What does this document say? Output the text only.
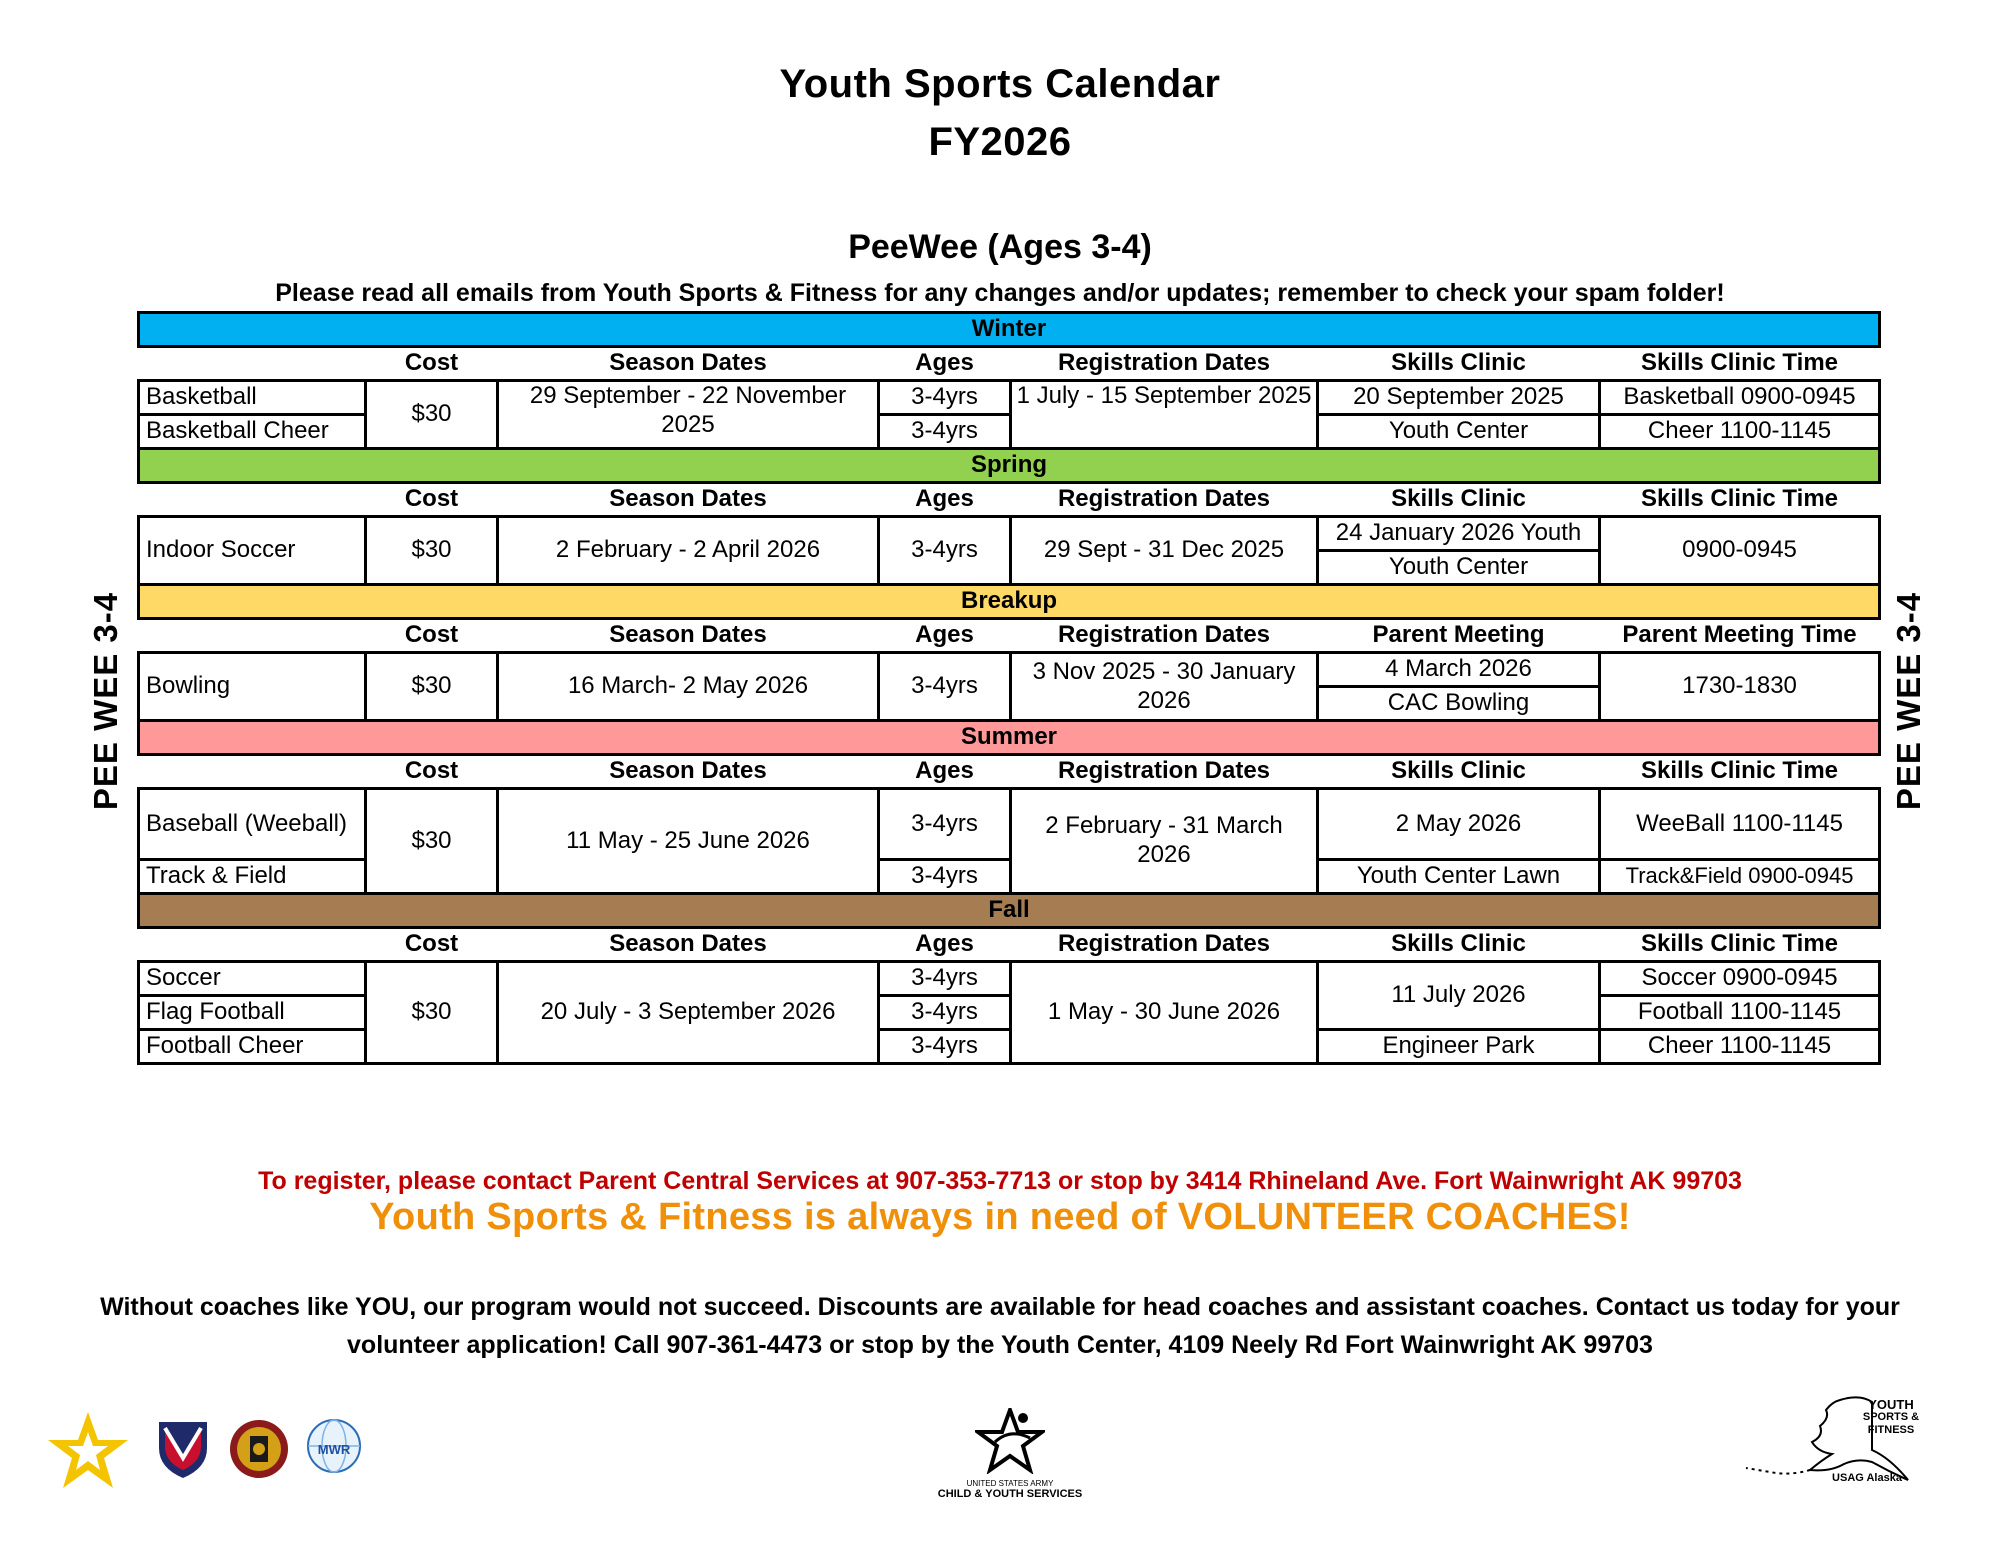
Youth Sports Calendar
FY2026
PeeWee (Ages 3-4)
Please read all emails from Youth Sports & Fitness for any changes and/or updates; remember to check your spam folder!
PEE WEE 3-4	PEE WEE 3-4
Winter						
	Cost	Season Dates	Ages	Registration Dates	Skills Clinic	Skills Clinic Time
Basketball	$30	29 September - 22 November 2025	3-4yrs	1 July - 15 September 2025	20 September 2025	Basketball 0900-0945
Basketball Cheer			3-4yrs		Youth Center	Cheer 1100-1145
Spring						
	Cost	Season Dates	Ages	Registration Dates	Skills Clinic	Skills Clinic Time
Indoor Soccer	$30	2 February - 2 April 2026	3-4yrs	29 Sept - 31 Dec 2025	24 January 2026 Youth	0900-0945
					Youth Center	
Breakup						
	Cost	Season Dates	Ages	Registration Dates	Parent Meeting	Parent Meeting Time
Bowling	$30	16 March- 2 May 2026	3-4yrs	3 Nov 2025 - 30 January 2026	4 March 2026	1730-1830
					CAC Bowling	
Summer						
	Cost	Season Dates	Ages	Registration Dates	Skills Clinic	Skills Clinic Time
Baseball (Weeball)	$30	11 May - 25 June 2026	3-4yrs	2 February - 31 March 2026	2 May 2026	WeeBall 1100-1145
Track & Field			3-4yrs		Youth Center Lawn	Track&Field 0900-0945
Fall						
	Cost	Season Dates	Ages	Registration Dates	Skills Clinic	Skills Clinic Time
Soccer	$30	20 July - 3 September 2026	3-4yrs	1 May - 30 June 2026	11 July 2026	Soccer 0900-0945
Flag Football			3-4yrs			Football 1100-1145
Football Cheer			3-4yrs		Engineer Park	Cheer 1100-1145
To register, please contact Parent Central Services at 907-353-7713 or stop by 3414 Rhineland Ave. Fort Wainwright AK 99703
Youth Sports & Fitness is always in need of VOLUNTEER COACHES!
Without coaches like YOU, our program would not succeed. Discounts are available for head coaches and assistant coaches. Contact us today for your
volunteer application! Call 907-361-4473 or stop by the Youth Center, 4109 Neely Rd Fort Wainwright AK 99703
MWR
UNITED STATES ARMY
CHILD & YOUTH SERVICES
YOUTH
SPORTS &
FITNESS
USAG Alaska
